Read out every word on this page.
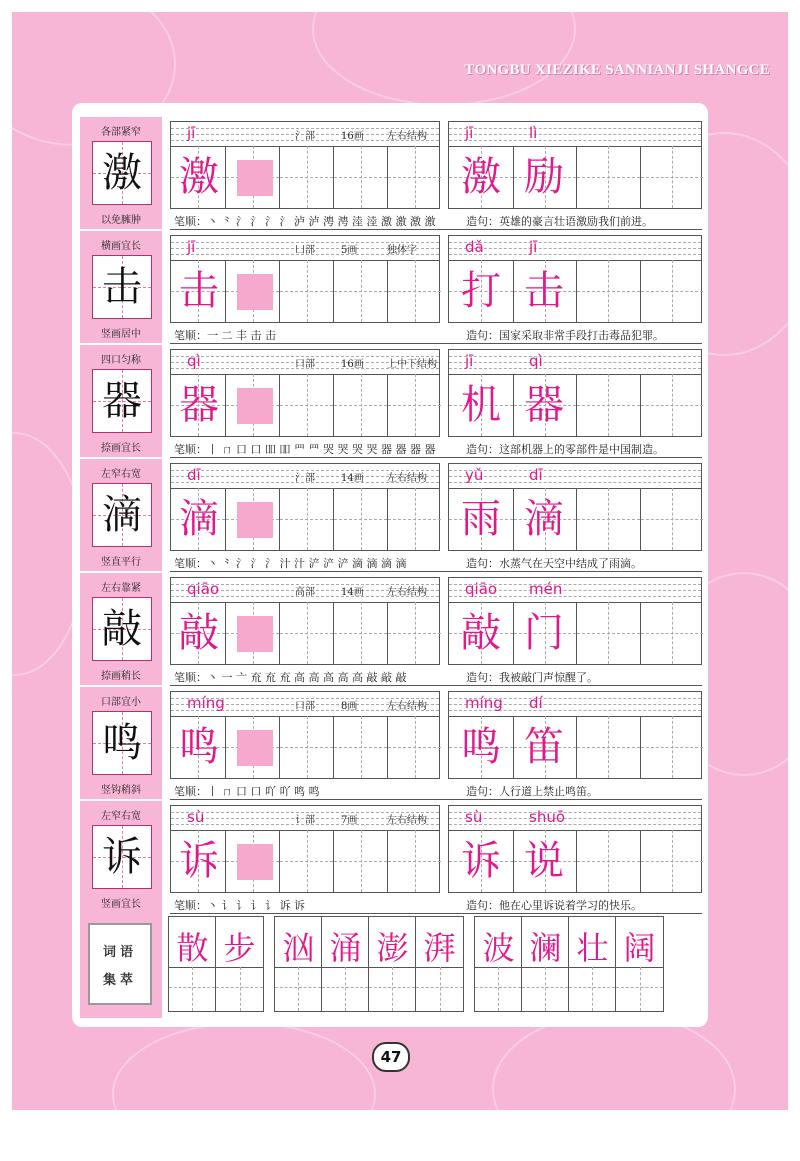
TONGBU XIEZIKE SANNIANJI SHANGCE
各部紧窄
激
以免臃肿
jī	氵部	16画 左右结构
激
jī	lì
激 励
笔顺：丶 ⺀ 氵 氵 氵 氵 泸 泸 涄 涄 淕 淕 激 激 激 激	造句：英雄的豪言壮语激励我们前进。
横画宜长
击
竖画居中
jī	凵部	5画	独体字
击
dǎ	jī
打 击
笔顺：一 二 丰 击 击	造句：国家采取非常手段打击毒品犯罪。
四口匀称
器
捺画宜长
qì	口部	16画 上中下结构
器
jī	qì
机 器
笔顺：丨 ㄇ 口 口 吅 吅 罒 罒 哭 哭 哭 哭 器 器 器 器	造句：这部机器上的零部件是中国制造。
左窄右宽
滴
竖直平行
dī	氵部	14画 左右结构
滴
yǔ	dī
雨 滴
笔顺：丶 ⺀ 氵 氵 氵 汁 汁 浐 浐 浐 滴 滴 滴 滴	造句：水蒸气在天空中结成了雨滴。
左右靠紧
敲
捺画稍长
qiāo	高部	14画 左右结构
敲
qiāo mén
敲 门
笔顺：丶 一 亠 㐬 㐬 㐬 高 高 高 高 高 敲 敲 敲	造句：我被敲门声惊醒了。
口部宜小
鸣
竖钩稍斜
míng	口部	8画	左右结构
鸣
míng dí
鸣 笛
笔顺：丨 ㄇ 口 口 吖 吖 鸣 鸣	造句：人行道上禁止鸣笛。
左窄右宽
诉
竖画宜长
sù	讠部	7画	左右结构
诉
sù	shuō
诉 说
笔顺：丶 讠 讠 讠 讠 诉 诉	造句：他在心里诉说着学习的快乐。
词语
集萃
散 步 汹 涌 澎 湃 波 澜 壮 阔
47
